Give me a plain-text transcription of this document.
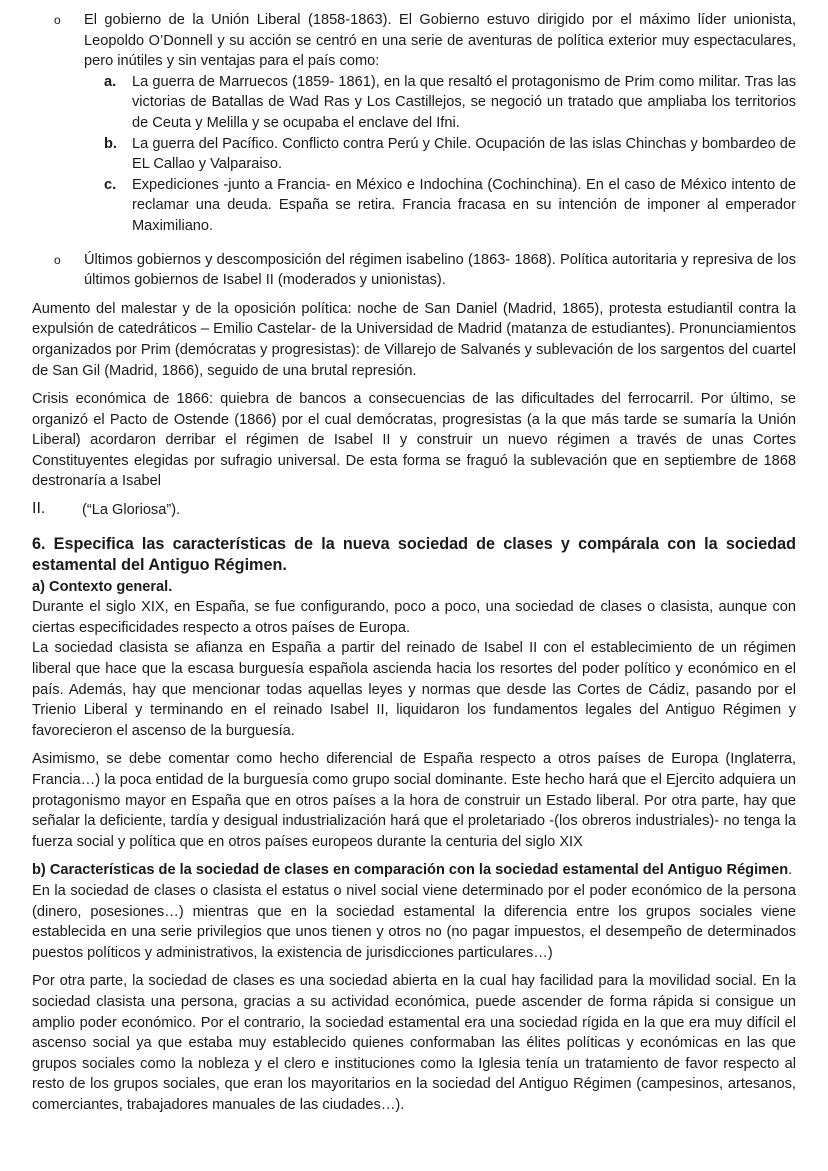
o El gobierno de la Unión Liberal (1858-1863). El Gobierno estuvo dirigido por el máximo líder unionista, Leopoldo O’Donnell y su acción se centró en una serie de aventuras de política exterior muy espectaculares, pero inútiles y sin ventajas para el país como:

a. La guerra de Marruecos (1859- 1861), en la que resaltó el protagonismo de Prim como militar. Tras las victorias de Batallas de Wad Ras y Los Castillejos, se negoció un tratado que ampliaba los territorios de Ceuta y Melilla y se ocupaba el enclave del Ifni.

b. La guerra del Pacífico. Conflicto contra Perú y Chile. Ocupación de las islas Chinchas y bombardeo de EL Callao y Valparaiso.

c. Expediciones -junto a Francia- en México e Indochina (Cochinchina). En el caso de México intento de reclamar una deuda. España se retira. Francia fracasa en su intención de imponer al emperador Maximiliano.

o Últimos gobiernos y descomposición del régimen isabelino (1863- 1868). Política autoritaria y represiva de los últimos gobiernos de Isabel II (moderados y unionistas).

Aumento del malestar y de la oposición política: noche de San Daniel (Madrid, 1865), protesta estudiantil contra la expulsión de catedráticos – Emilio Castelar- de la Universidad de Madrid (matanza de estudiantes). Pronunciamientos organizados por Prim (demócratas y progresistas): de Villarejo de Salvanés y sublevación de los sargentos del cuartel de San Gil (Madrid, 1866), seguido de una brutal represión.

Crisis económica de 1866: quiebra de bancos a consecuencias de las dificultades del ferrocarril. Por último, se organizó el Pacto de Ostende (1866) por el cual demócratas, progresistas (a la que más tarde se sumaría la Unión Liberal) acordaron derribar el régimen de Isabel II y construir un nuevo régimen a través de unas Cortes Constituyentes elegidas por sufragio universal. De esta forma se fraguó la sublevación que en septiembre de 1868 destronaría a Isabel

II.	(“La Gloriosa”).

6. Especifica las características de la nueva sociedad de clases y compárala con la sociedad estamental del Antiguo Régimen.
a) Contexto general.

Durante el siglo XIX, en España, se fue configurando, poco a poco, una sociedad de clases o clasista, aunque con ciertas especificidades respecto a otros países de Europa.

La sociedad clasista se afianza en España a partir del reinado de Isabel II con el establecimiento de un régimen liberal que hace que la escasa burguesía española ascienda hacia los resortes del poder político y económico en el país. Además, hay que mencionar todas aquellas leyes y normas que desde las Cortes de Cádiz, pasando por el Trienio Liberal y terminando en el reinado Isabel II, liquidaron los fundamentos legales del Antiguo Régimen y favorecieron el ascenso de la burguesía.

Asimismo, se debe comentar como hecho diferencial de España respecto a otros países de Europa (Inglaterra, Francia…) la poca entidad de la burguesía como grupo social dominante. Este hecho hará que el Ejercito adquiera un protagonismo mayor en España que en otros países a la hora de construir un Estado liberal. Por otra parte, hay que señalar la deficiente, tardía y desigual industrialización hará que el proletariado -(los obreros industriales)- no tenga la fuerza social y política que en otros países europeos durante la centuria del siglo XIX

b) Características de la sociedad de clases en comparación con la sociedad estamental del Antiguo Régimen.

En la sociedad de clases o clasista el estatus o nivel social viene determinado por el poder económico de la persona (dinero, posesiones…) mientras que en la sociedad estamental la diferencia entre los grupos sociales viene establecida en una serie privilegios que unos tienen y otros no (no pagar impuestos, el desempeño de determinados puestos políticos y administrativos, la existencia de jurisdicciones particulares…)

Por otra parte, la sociedad de clases es una sociedad abierta en la cual hay facilidad para la movilidad social. En la sociedad clasista una persona, gracias a su actividad económica, puede ascender de forma rápida si consigue un amplio poder económico. Por el contrario, la sociedad estamental era una sociedad rígida en la que era muy difícil el ascenso social ya que estaba muy establecido quienes conformaban las élites políticas y económicas en las que grupos sociales como la nobleza y el clero e instituciones como la Iglesia tenía un tratamiento de favor respecto al resto de los grupos sociales, que eran los mayoritarios en la sociedad del Antiguo Régimen (campesinos, artesanos, comerciantes, trabajadores manuales de las ciudades…).
